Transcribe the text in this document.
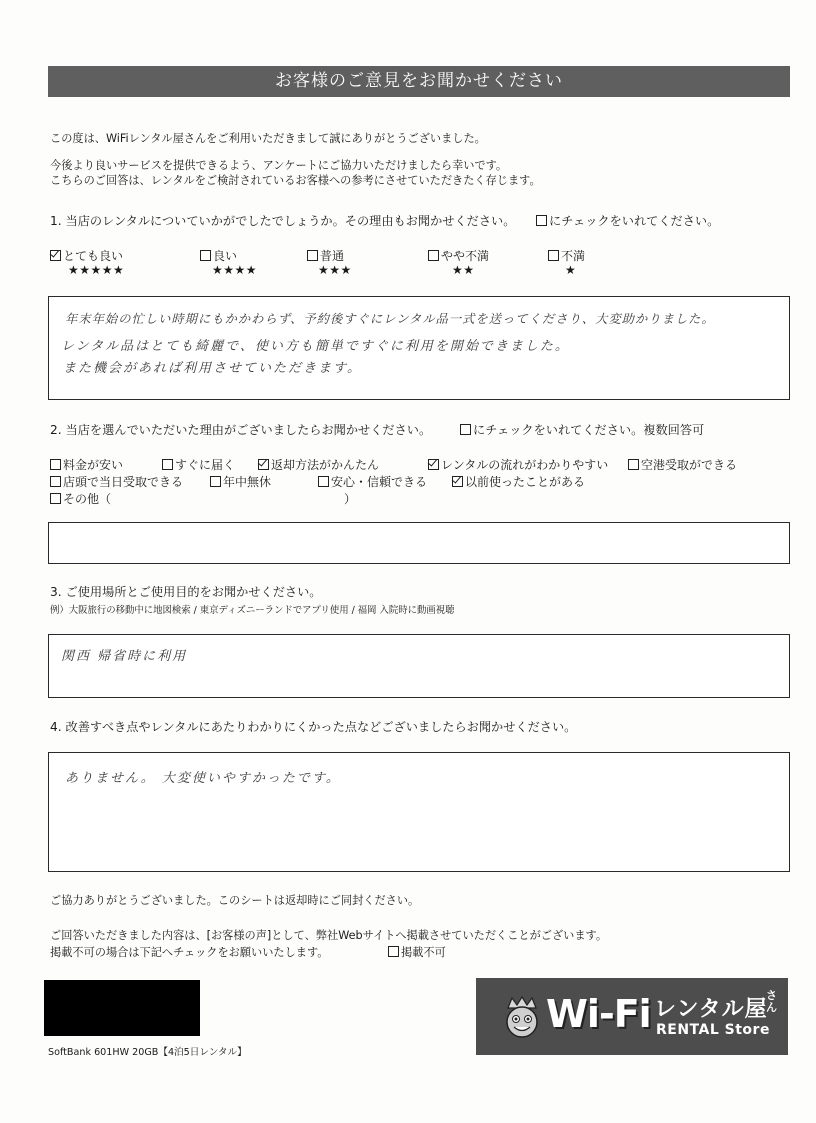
お客様のご意見をお聞かせください
この度は、WiFiレンタル屋さんをご利用いただきまして誠にありがとうございました。
今後より良いサービスを提供できるよう、アンケートにご協力いただけましたら幸いです。
こちらのご回答は、レンタルをご検討されているお客様への参考にさせていただきたく存じます。
1. 当店のレンタルについていかがでしたでしょうか。その理由もお聞かせください。	にチェックをいれてください。
とても良い
★★★★★
良い
★★★★
普通
★★★
やや不満
★★
不満
★
年末年始の忙しい時期にもかかわらず、予約後すぐにレンタル品一式を送ってくださり、大変助かりました。
レンタル品はとても綺麗で、使い方も簡単ですぐに利用を開始できました。
また機会があれば利用させていただきます。
2. 当店を選んでいただいた理由がございましたらお聞かせください。	にチェックをいれてください。複数回答可
料金が安い	すぐに届く	返却方法がかんたん	レンタルの流れがわかりやすい	空港受取ができる
店頭で当日受取できる	年中無休	安心・信頼できる	以前使ったことがある
その他（	）
3. ご使用場所とご使用目的をお聞かせください。
例）大阪旅行の移動中に地図検索 / 東京ディズニーランドでアプリ使用 / 福岡 入院時に動画視聴
関西 帰省時に利用
4. 改善すべき点やレンタルにあたりわかりにくかった点などございましたらお聞かせください。
ありません。 大変使いやすかったです。
ご協力ありがとうございました。このシートは返却時にご同封ください。
ご回答いただきました内容は、[お客様の声]として、弊社Webサイトへ掲載させていただくことがございます。
掲載不可の場合は下記へチェックをお願いいたします。	掲載不可
SoftBank 601HW 20GB【4泊5日レンタル】
Wi-Fi レンタル屋
さん
RENTAL Store
